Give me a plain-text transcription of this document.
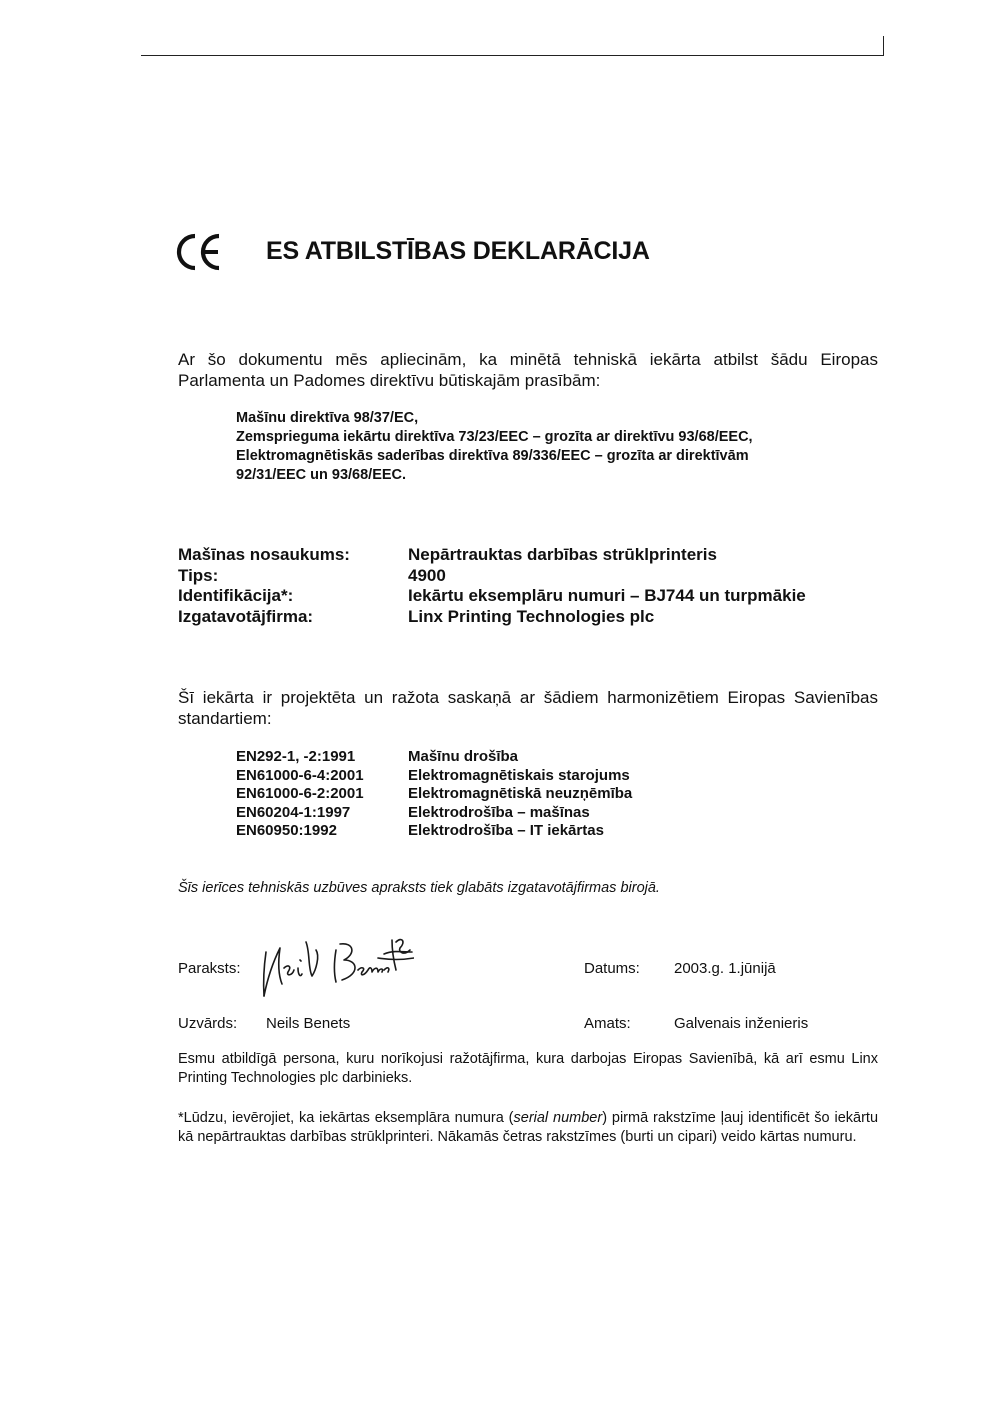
ES ATBILSTĪBAS DEKLARĀCIJA
Ar šo dokumentu mēs apliecinām, ka minētā tehniskā iekārta atbilst šādu Eiropas Parlamenta un Padomes direktīvu būtiskajām prasībām:
Mašīnu direktīva 98/37/EC,
Zemsprieguma iekārtu direktīva 73/23/EEC – grozīta ar direktīvu 93/68/EEC,
Elektromagnētiskās saderības direktīva 89/336/EEC – grozīta ar direktīvām
92/31/EEC un 93/68/EEC.
Mašīnas nosaukums:	Nepārtrauktas darbības strūklprinteris
Tips:	4900
Identifikācija*:	Iekārtu eksemplāru numuri – BJ744 un turpmākie
Izgatavotājfirma:	Linx Printing Technologies plc
Šī iekārta ir projektēta un ražota saskaņā ar šādiem harmonizētiem Eiropas Savienības standartiem:
EN292-1, -2:1991	Mašīnu drošība
EN61000-6-4:2001	Elektromagnētiskais starojums
EN61000-6-2:2001	Elektromagnētiskā neuzņēmība
EN60204-1:1997	Elektrodrošība – mašīnas
EN60950:1992	Elektrodrošība – IT iekārtas
Šīs ierīces tehniskās uzbūves apraksts tiek glabāts izgatavotājfirmas birojā.
Paraksts:	Datums: 2003.g. 1.jūnijā
Uzvārds: Neils Benets	Amats:	Galvenais inženieris
Esmu atbildīgā persona, kuru norīkojusi ražotājfirma, kura darbojas Eiropas Savienībā, kā arī esmu Linx Printing Technologies plc darbinieks.
*Lūdzu, ievērojiet, ka iekārtas eksemplāra numura (serial number) pirmā rakstzīme ļauj identificēt šo iekārtu kā nepārtrauktas darbības strūklprinteri. Nākamās četras rakstzīmes (burti un cipari) veido kārtas numuru.
